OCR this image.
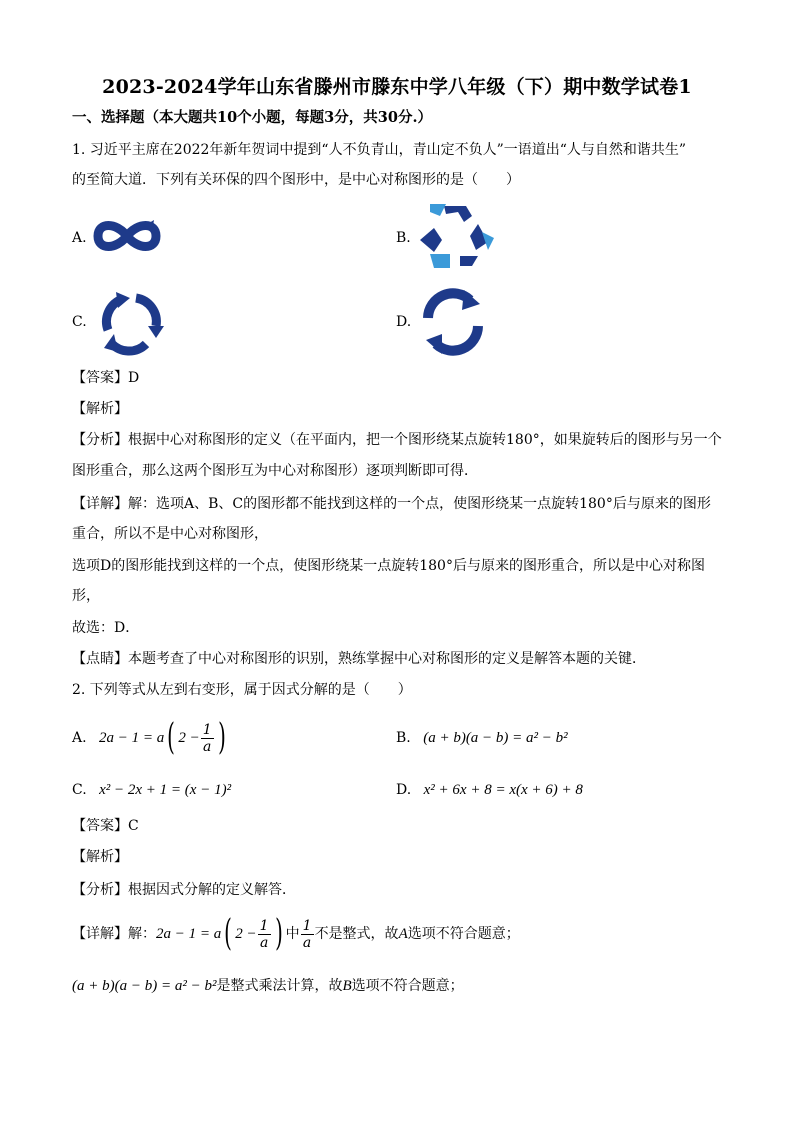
2023-2024学年山东省滕州市滕东中学八年级（下）期中数学试卷1
一、选择题（本大题共10个小题，每题3分，共30分.）
1. 习近平主席在2022年新年贺词中提到“人不负青山，青山定不负人”一语道出“人与自然和谐共生”
的至简大道．下列有关环保的四个图形中，是中心对称图形的是（　　）
A.	B.
C.	D.
【答案】D
【解析】
【分析】根据中心对称图形的定义（在平面内，把一个图形绕某点旋转180°，如果旋转后的图形与另一个
图形重合，那么这两个图形互为中心对称图形）逐项判断即可得．
【详解】解：选项A、B、C的图形都不能找到这样的一个点，使图形绕某一点旋转180°后与原来的图形
重合，所以不是中心对称图形，
选项D的图形能找到这样的一个点，使图形绕某一点旋转180°后与原来的图形重合，所以是中心对称图
形，
故选：D．
【点睛】本题考查了中心对称图形的识别，熟练掌握中心对称图形的定义是解答本题的关键．
2. 下列等式从左到右变形，属于因式分解的是（　　）
A. 2a − 1 = a( $2 - \frac{1}{a}$ )	B. (a + b)(a − b) = a² − b²
C. x² − 2x + 1 = (x − 1)²	D. x² + 6x + 8 = x(x + 6) + 8
【答案】C
【解析】
【分析】根据因式分解的定义解答．
【详解】解：2a − 1 = a( $2 - \frac{1}{a}$ ) 中 $\frac{1}{a}$ 不是整式，故A选项不符合题意；
(a + b)(a − b) = a² − b²是整式乘法计算，故B选项不符合题意；
